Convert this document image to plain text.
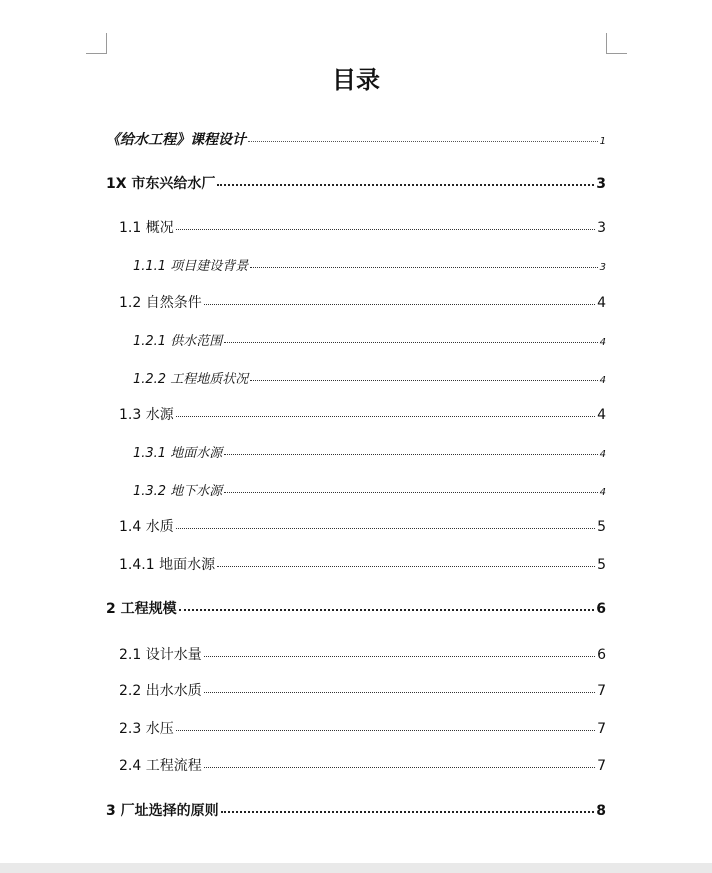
目录
《给水工程》课程设计	1
1X 市东兴给水厂	3
1.1 概况	3
1.1.1 项目建设背景	3
1.2 自然条件	4
1.2.1 供水范围	4
1.2.2 工程地质状况	4
1.3 水源	4
1.3.1 地面水源	4
1.3.2 地下水源	4
1.4 水质	5
1.4.1 地面水源	5
2 工程规模	6
2.1 设计水量	6
2.2 出水水质	7
2.3 水压	7
2.4 工程流程	7
3 厂址选择的原则	8
